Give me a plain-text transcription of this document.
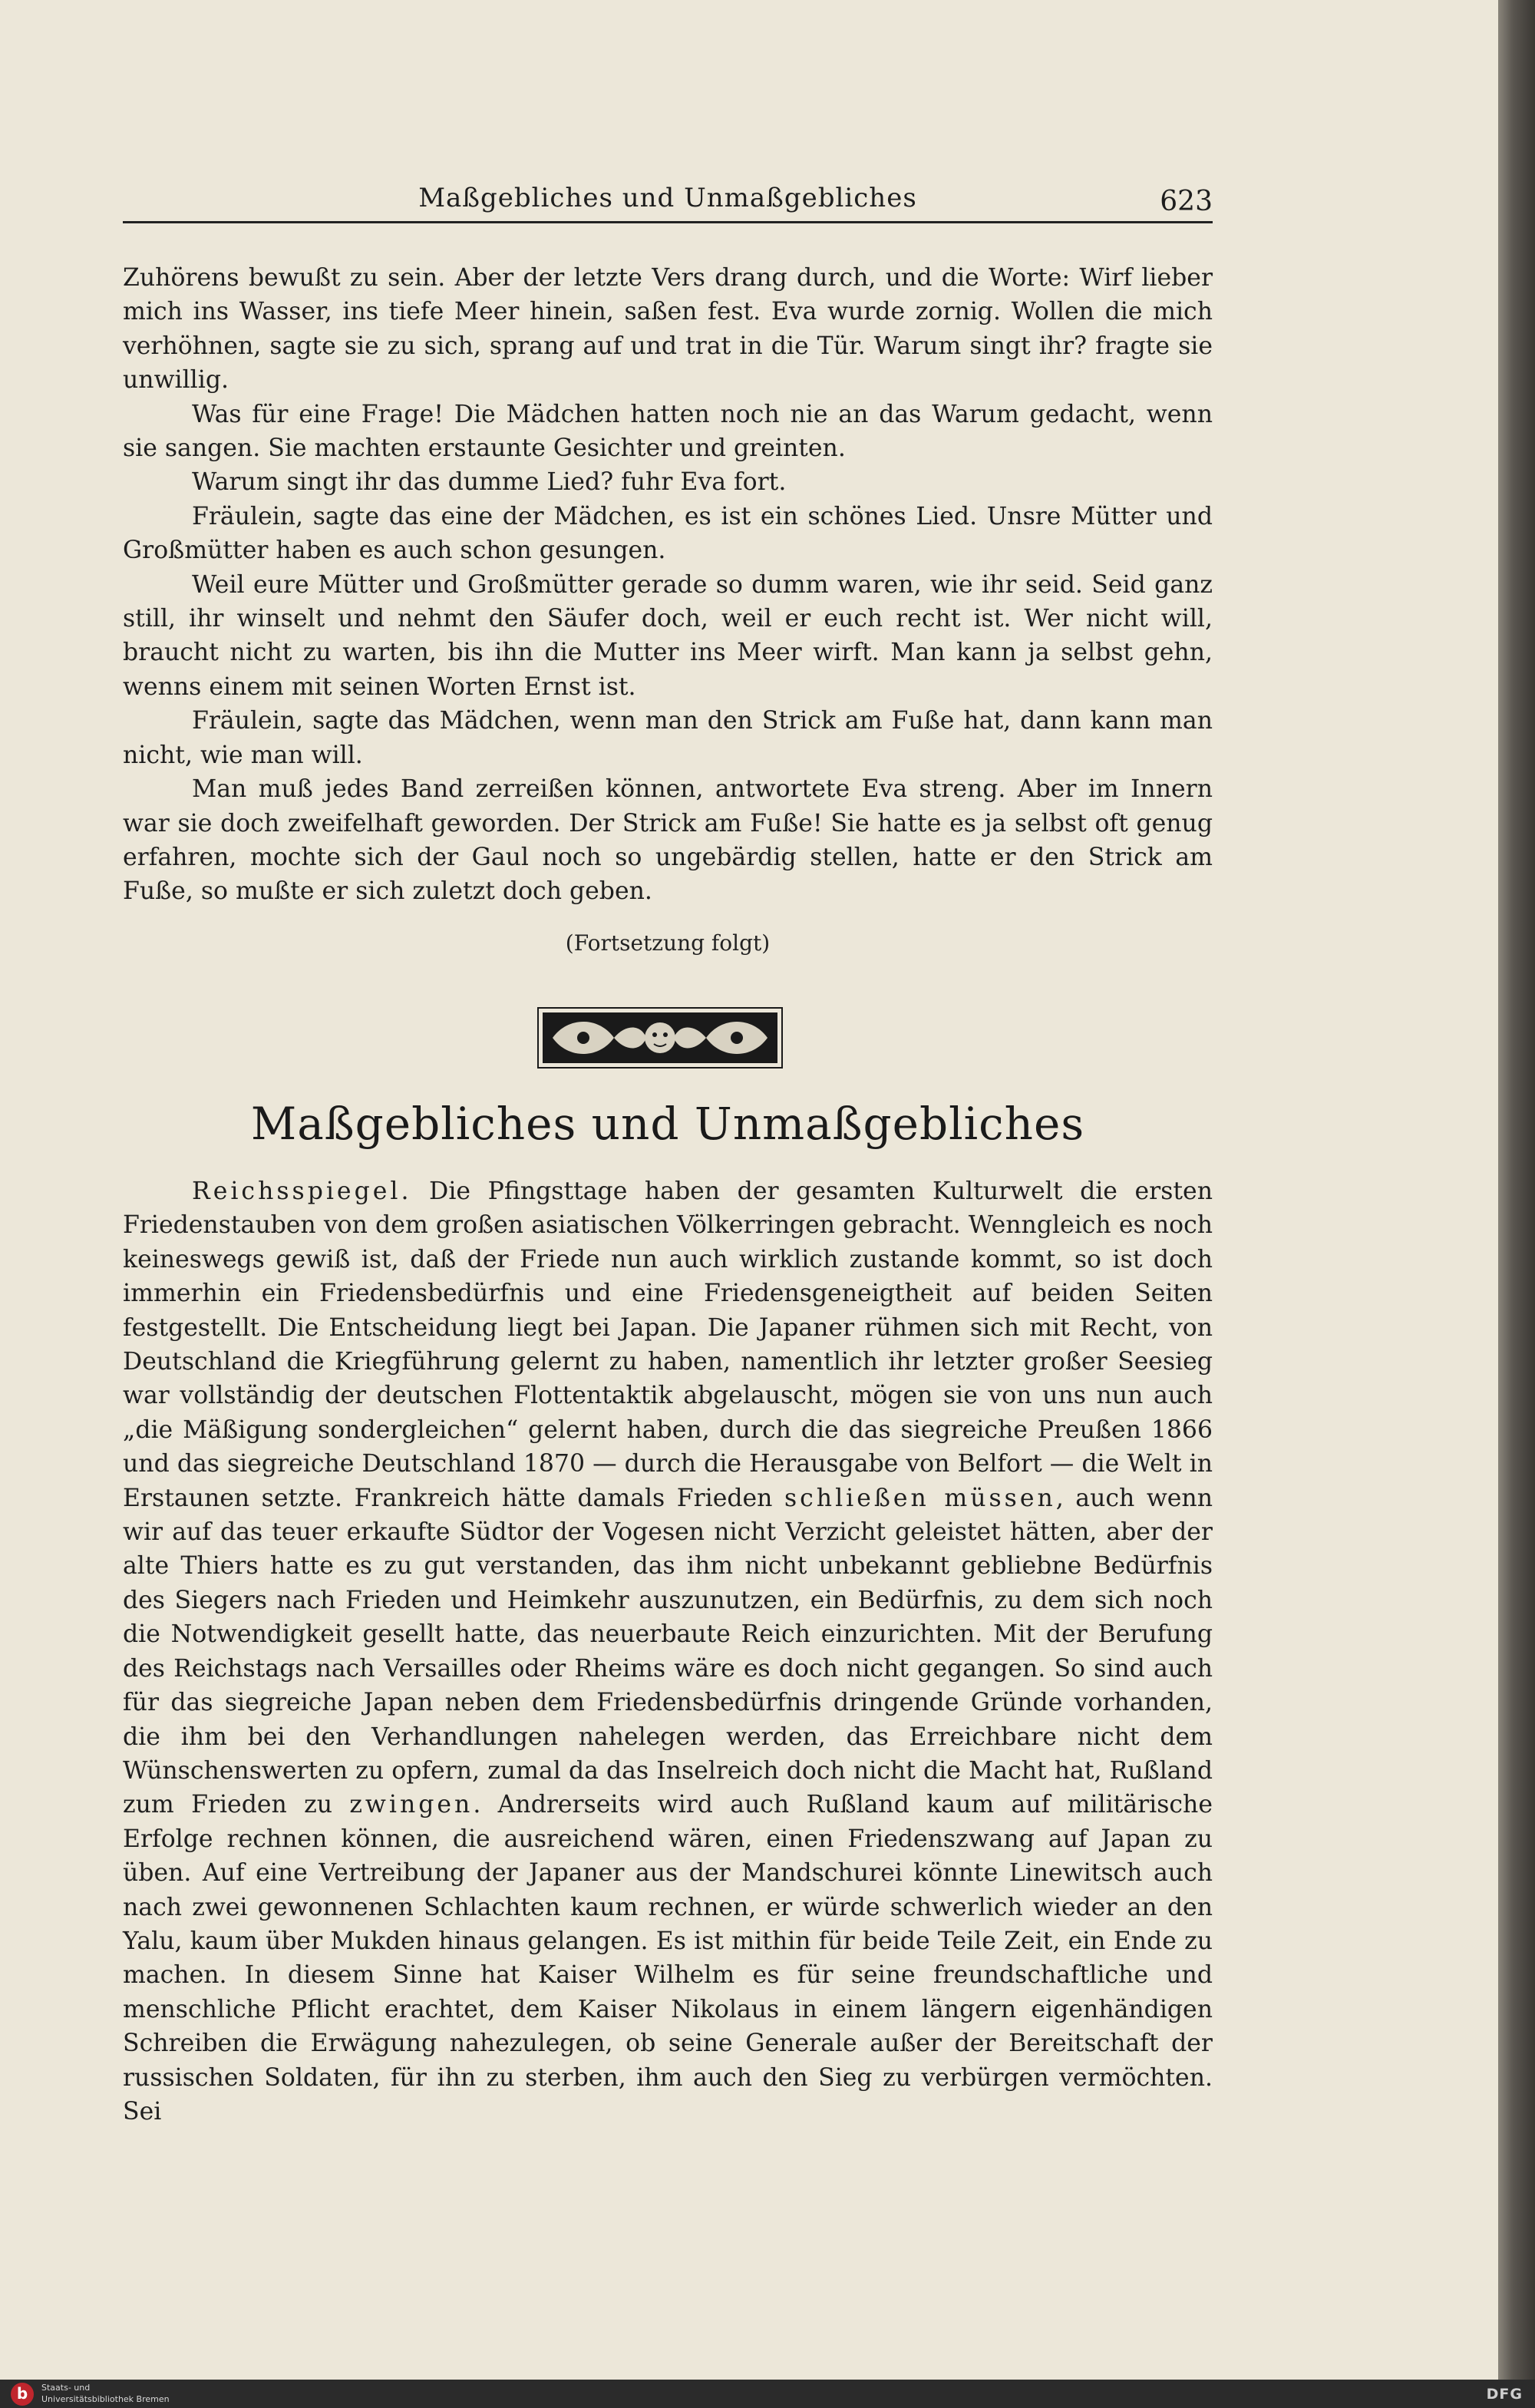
Maßgebliches und Unmaßgebliches	623

Zuhörens bewußt zu sein. Aber der letzte Vers drang durch, und die Worte: Wirf lieber mich ins Wasser, ins tiefe Meer hinein, saßen fest. Eva wurde zornig. Wollen die mich verhöhnen, sagte sie zu sich, sprang auf und trat in die Tür. Warum singt ihr? fragte sie unwillig.

Was für eine Frage! Die Mädchen hatten noch nie an das Warum gedacht, wenn sie sangen. Sie machten erstaunte Gesichter und greinten.

Warum singt ihr das dumme Lied? fuhr Eva fort.

Fräulein, sagte das eine der Mädchen, es ist ein schönes Lied. Unsre Mütter und Großmütter haben es auch schon gesungen.

Weil eure Mütter und Großmütter gerade so dumm waren, wie ihr seid. Seid ganz still, ihr winselt und nehmt den Säufer doch, weil er euch recht ist. Wer nicht will, braucht nicht zu warten, bis ihn die Mutter ins Meer wirft. Man kann ja selbst gehn, wenns einem mit seinen Worten Ernst ist.

Fräulein, sagte das Mädchen, wenn man den Strick am Fuße hat, dann kann man nicht, wie man will.

Man muß jedes Band zerreißen können, antwortete Eva streng. Aber im Innern war sie doch zweifelhaft geworden. Der Strick am Fuße! Sie hatte es ja selbst oft genug erfahren, mochte sich der Gaul noch so ungebärdig stellen, hatte er den Strick am Fuße, so mußte er sich zuletzt doch geben.

(Fortsetzung folgt)
Maßgebliches und Unmaßgebliches

Reichsspiegel. Die Pfingsttage haben der gesamten Kulturwelt die ersten Friedenstauben von dem großen asiatischen Völkerringen gebracht. Wenngleich es noch keineswegs gewiß ist, daß der Friede nun auch wirklich zustande kommt, so ist doch immerhin ein Friedensbedürfnis und eine Friedensgeneigtheit auf beiden Seiten festgestellt. Die Entscheidung liegt bei Japan. Die Japaner rühmen sich mit Recht, von Deutschland die Kriegführung gelernt zu haben, namentlich ihr letzter großer Seesieg war vollständig der deutschen Flottentaktik abgelauscht, mögen sie von uns nun auch „die Mäßigung sondergleichen“ gelernt haben, durch die das siegreiche Preußen 1866 und das siegreiche Deutschland 1870 — durch die Herausgabe von Belfort — die Welt in Erstaunen setzte. Frankreich hätte damals Frieden schließen müssen, auch wenn wir auf das teuer erkaufte Südtor der Vogesen nicht Verzicht geleistet hätten, aber der alte Thiers hatte es zu gut verstanden, das ihm nicht unbekannt gebliebne Bedürfnis des Siegers nach Frieden und Heimkehr auszunutzen, ein Bedürfnis, zu dem sich noch die Notwendigkeit gesellt hatte, das neuerbaute Reich einzurichten. Mit der Berufung des Reichstags nach Versailles oder Rheims wäre es doch nicht gegangen. So sind auch für das siegreiche Japan neben dem Friedensbedürfnis dringende Gründe vorhanden, die ihm bei den Verhandlungen nahelegen werden, das Erreichbare nicht dem Wünschenswerten zu opfern, zumal da das Inselreich doch nicht die Macht hat, Rußland zum Frieden zu zwingen. Andrerseits wird auch Rußland kaum auf militärische Erfolge rechnen können, die ausreichend wären, einen Friedenszwang auf Japan zu üben. Auf eine Vertreibung der Japaner aus der Mandschurei könnte Linewitsch auch nach zwei gewonnenen Schlachten kaum rechnen, er würde schwerlich wieder an den Yalu, kaum über Mukden hinaus gelangen. Es ist mithin für beide Teile Zeit, ein Ende zu machen. In diesem Sinne hat Kaiser Wilhelm es für seine freundschaftliche und menschliche Pflicht erachtet, dem Kaiser Nikolaus in einem längern eigenhändigen Schreiben die Erwägung nahezulegen, ob seine Generale außer der Bereitschaft der russischen Soldaten, für ihn zu sterben, ihm auch den Sieg zu verbürgen vermöchten. Sei

b	Staats- und
Universitätsbibliothek Bremen	DFG
